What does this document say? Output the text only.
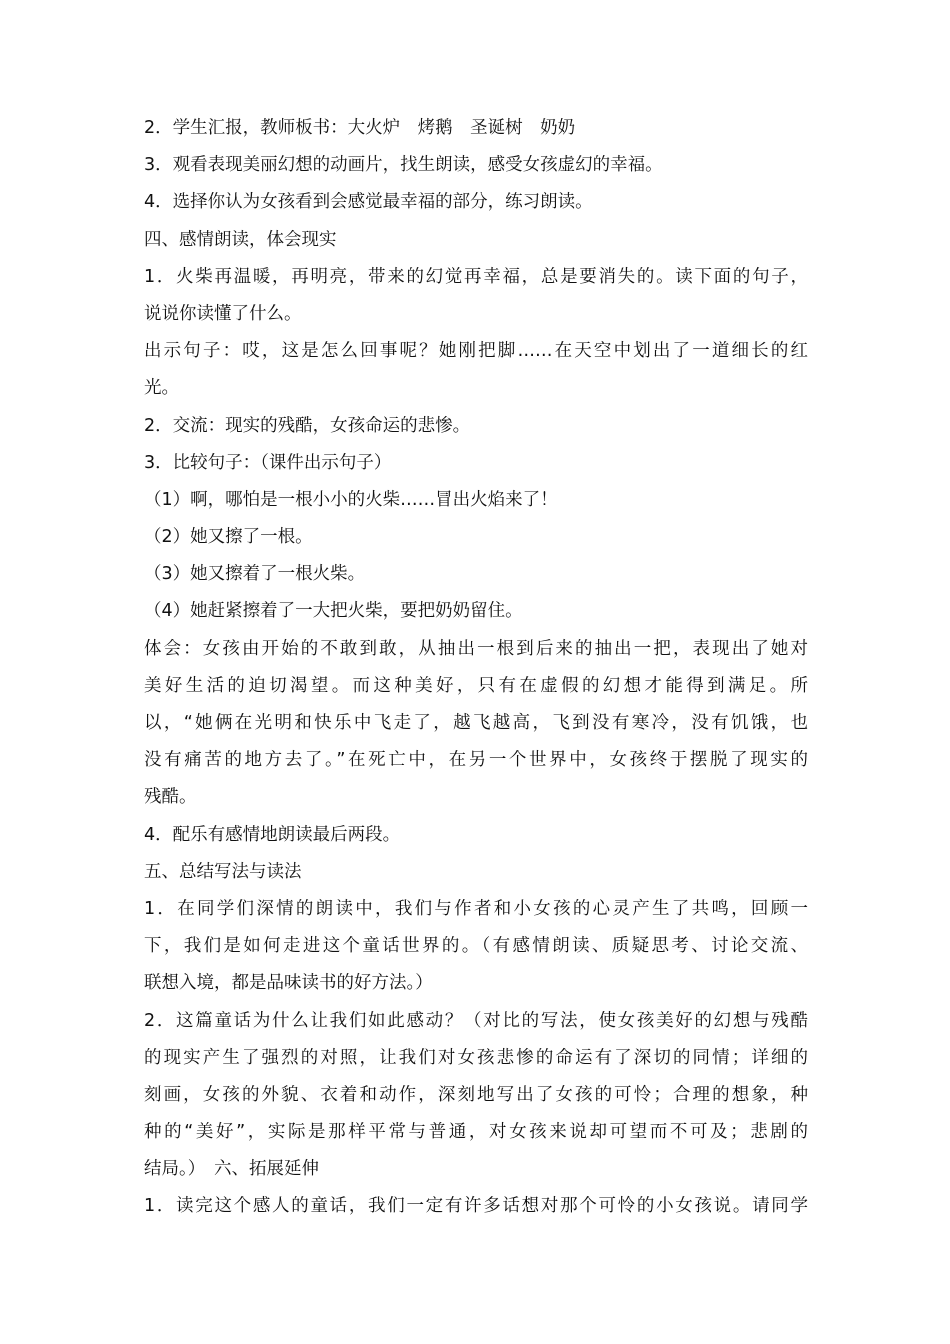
2．学生汇报，教师板书：大火炉　烤鹅　圣诞树　奶奶
3．观看表现美丽幻想的动画片，找生朗读，感受女孩虚幻的幸福。
4．选择你认为女孩看到会感觉最幸福的部分，练习朗读。
四、感情朗读，体会现实
1．火柴再温暖，再明亮，带来的幻觉再幸福，总是要消失的。读下面的句子，
说说你读懂了什么。
出示句子：哎，这是怎么回事呢？她刚把脚……在天空中划出了一道细长的红
光。
2．交流：现实的残酷，女孩命运的悲惨。
3．比较句子：（课件出示句子）
（1）啊，哪怕是一根小小的火柴……冒出火焰来了！
（2）她又擦了一根。
（3）她又擦着了一根火柴。
（4）她赶紧擦着了一大把火柴，要把奶奶留住。
体会：女孩由开始的不敢到敢，从抽出一根到后来的抽出一把，表现出了她对
美好生活的迫切渴望。而这种美好，只有在虚假的幻想才能得到满足。所
以，“她俩在光明和快乐中飞走了，越飞越高，飞到没有寒冷，没有饥饿，也
没有痛苦的地方去了。”在死亡中，在另一个世界中，女孩终于摆脱了现实的
残酷。
4．配乐有感情地朗读最后两段。
五、总结写法与读法
1．在同学们深情的朗读中，我们与作者和小女孩的心灵产生了共鸣，回顾一
下，我们是如何走进这个童话世界的。（有感情朗读、质疑思考、讨论交流、
联想入境，都是品味读书的好方法。）
2．这篇童话为什么让我们如此感动？（对比的写法，使女孩美好的幻想与残酷
的现实产生了强烈的对照，让我们对女孩悲惨的命运有了深切的同情；详细的
刻画，女孩的外貌、衣着和动作，深刻地写出了女孩的可怜；合理的想象，种
种的“美好”，实际是那样平常与普通，对女孩来说却可望而不可及；悲剧的
结局。）　六、拓展延伸
1．读完这个感人的童话，我们一定有许多话想对那个可怜的小女孩说。请同学
